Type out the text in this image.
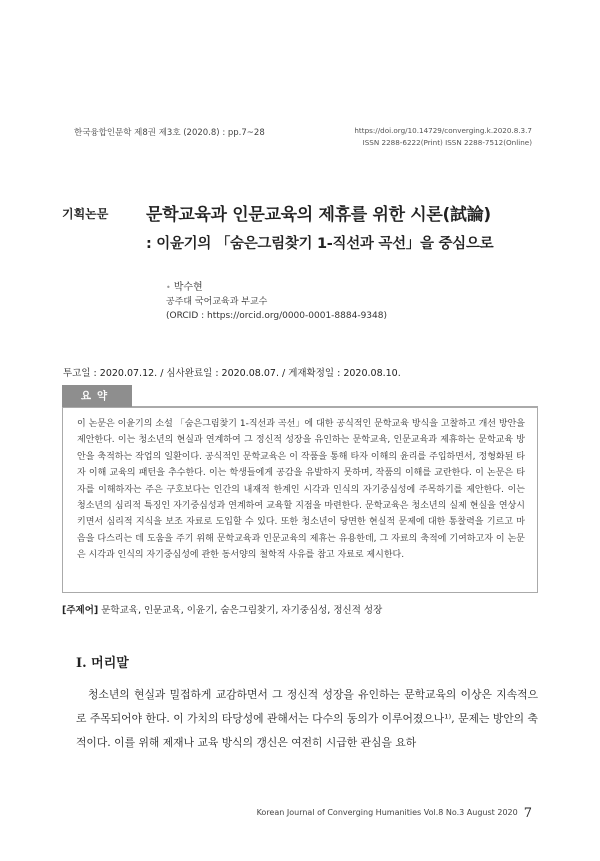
한국융합인문학 제8권 제3호 (2020.8) : pp.7~28	https://doi.org/10.14729/converging.k.2020.8.3.7
ISSN 2288-6222(Print) ISSN 2288-7512(Online)
기획논문 문학교육과 인문교육의 제휴를 위한 시론(試論)
: 이윤기의 「숨은그림찾기 1-직선과 곡선」을 중심으로
• 박수현
공주대 국어교육과 부교수
(ORCID : https://orcid.org/0000-0001-8884-9348)
투고일 : 2020.07.12. / 심사완료일 : 2020.08.07. / 게재확정일 : 2020.08.10.
요약
이 논문은 이윤기의 소설 「숨은그림찾기 1-직선과 곡선」에 대한 공식적인 문학교육 방식을 고찰하고 개선 방안을 제안한다. 이는 청소년의 현실과 연계하여 그 정신적 성장을 유인하는 문학교육, 인문교육과 제휴하는 문학교육 방안을 축적하는 작업의 일환이다. 공식적인 문학교육은 이 작품을 통해 타자 이해의 윤리를 주입하면서, 정형화된 타자 이해 교육의 패턴을 추수한다. 이는 학생들에게 공감을 유발하지 못하며, 작품의 이해를 교란한다. 이 논문은 타자를 이해하자는 주은 구호보다는 인간의 내재적 한계인 시각과 인식의 자기중심성에 주목하기를 제안한다. 이는 청소년의 심리적 특징인 자기중심성과 연계하여 교육할 지점을 마련한다. 문학교육은 청소년의 실제 현실을 연상시키면서 심리적 지식을 보조 자료로 도입할 수 있다. 또한 청소년이 당면한 현실적 문제에 대한 통찰력을 기르고 마음을 다스리는 데 도움을 주기 위해 문학교육과 인문교육의 제휴는 유용한데, 그 자료의 축적에 기여하고자 이 논문은 시각과 인식의 자기중심성에 관한 동서양의 철학적 사유를 참고 자료로 제시한다.
[주제어] 문학교육, 인문교육, 이윤기, 숨은그림찾기, 자기중심성, 정신적 성장
Ⅰ. 머리말

청소년의 현실과 밀접하게 교감하면서 그 정신적 성장을 유인하는 문학교육의 이상은 지속적으로 주목되어야 한다. 이 가치의 타당성에 관해서는 다수의 동의가 이루어졌으나¹⁾, 문제는 방안의 축적이다. 이를 위해 제재나 교육 방식의 갱신은 여전히 시급한 관심을 요하

Korean Journal of Converging Humanities Vol.8 No.3 August 2020 7
